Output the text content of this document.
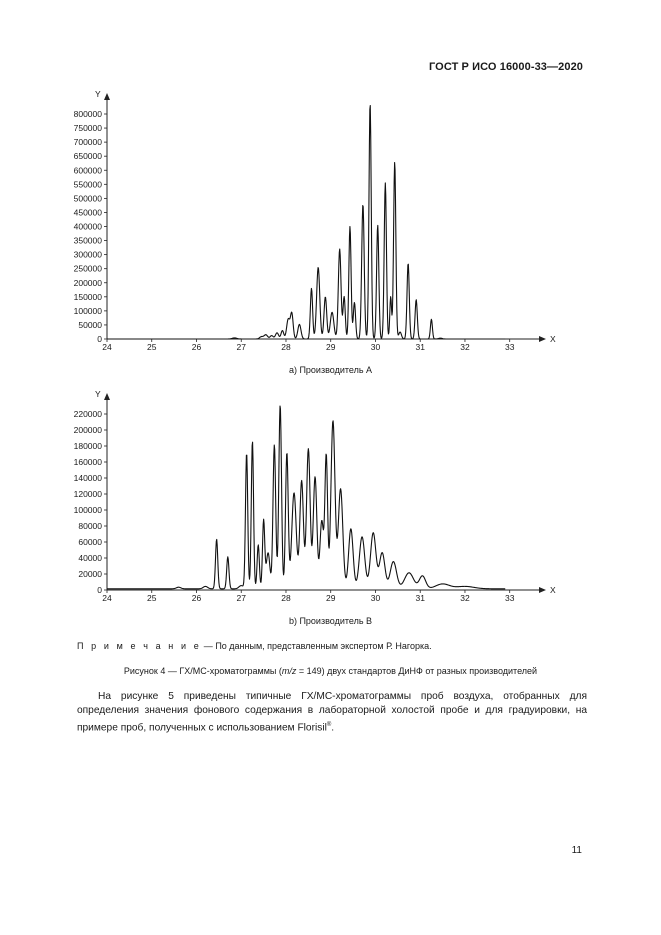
ГОСТ Р ИСО 16000-33—2020
X
Y
0
50000
100000
150000
200000
250000
300000
350000
400000
450000
500000
550000
600000
650000
700000
750000
800000
24	25	26	27	28	29	30	31	32	33
a) Производитель A
X
Y
0
20000
40000
60000
80000
100000
120000
140000
160000
180000
200000
220000
24	25	26	27	28	29	30	31	32	33
b) Производитель B
П р и м е ч а н и е — По данным, представленным экспертом Р. Нагорка.
Рисунок 4 — ГХ/МС-хроматограммы (m/z = 149) двух стандартов ДиНФ от разных производителей
На рисунке 5 приведены типичные ГХ/МС-хроматограммы проб воздуха, отобранных для определения значения фонового содержания в лабораторной холостой пробе и для градуировки, на примере проб, полученных с использованием Florisil®.
11
